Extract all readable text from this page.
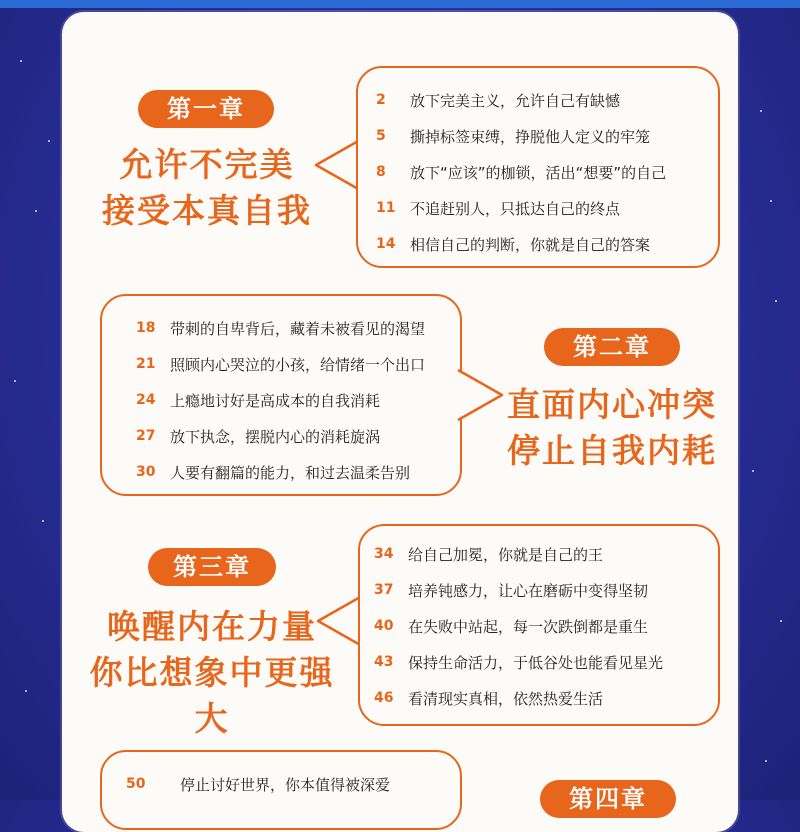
第一章
允许不完美
接受本真自我
2	放下完美主义，允许自己有缺憾
5	撕掉标签束缚，挣脱他人定义的牢笼
8	放下“应该”的枷锁，活出“想要”的自己
11 不追赶别人，只抵达自己的终点
14 相信自己的判断，你就是自己的答案
18 带刺的自卑背后，藏着未被看见的渴望
21 照顾内心哭泣的小孩，给情绪一个出口
24 上瘾地讨好是高成本的自我消耗
27 放下执念，摆脱内心的消耗旋涡
30 人要有翻篇的能力，和过去温柔告别
第二章
直面内心冲突
停止自我内耗
第三章
唤醒内在力量
你比想象中更强大
34 给自己加冕，你就是自己的王
37 培养钝感力，让心在磨砺中变得坚韧
40 在失败中站起，每一次跌倒都是重生
43 保持生命活力，于低谷处也能看见星光
46 看清现实真相，依然热爱生活
50	停止讨好世界，你本值得被深爱	第四章
